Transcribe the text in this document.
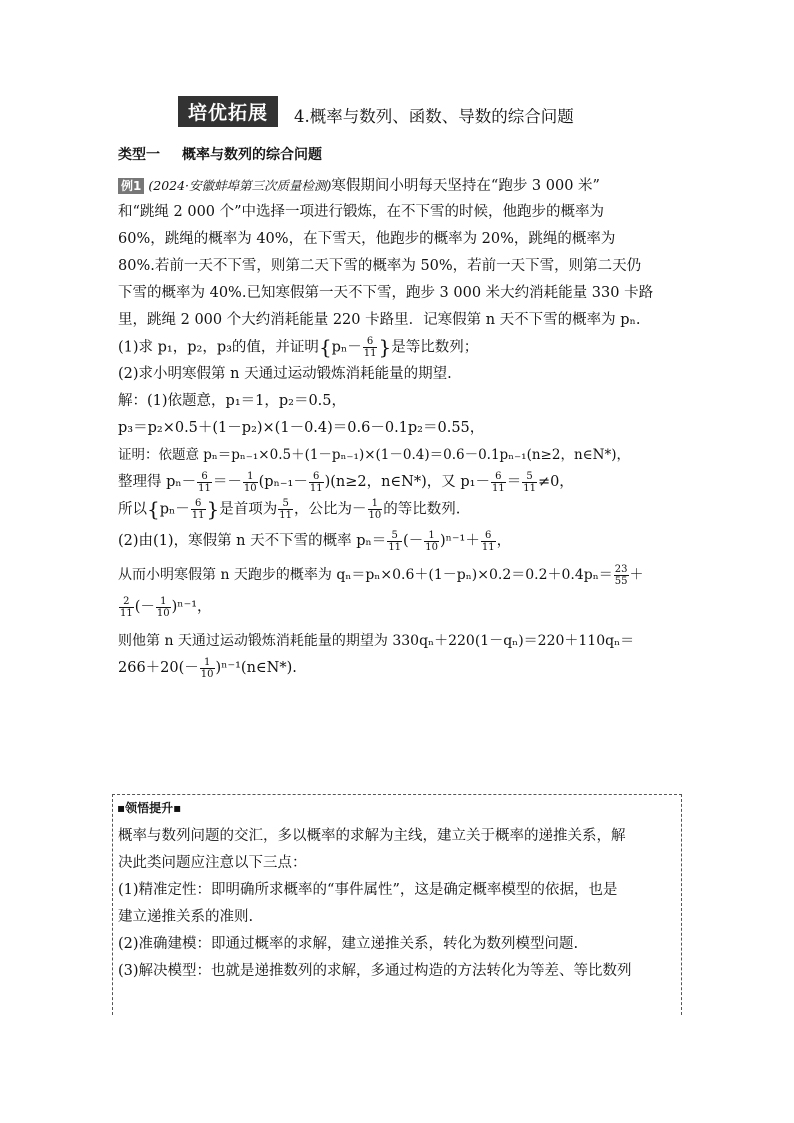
培优拓展	4.概率与数列、函数、导数的综合问题
类型一 概率与数列的综合问题
例1 (2024·安徽蚌埠第三次质量检测)寒假期间小明每天坚持在“跑步 3 000 米”
和“跳绳 2 000 个”中选择一项进行锻炼，在不下雪的时候，他跑步的概率为
60%，跳绳的概率为 40%，在下雪天，他跑步的概率为 20%，跳绳的概率为
80%.若前一天不下雪，则第二天下雪的概率为 50%，若前一天下雪，则第二天仍
下雪的概率为 40%.已知寒假第一天不下雪，跑步 3 000 米大约消耗能量 330 卡路
里，跳绳 2 000 个大约消耗能量 220 卡路里．记寒假第 n 天不下雪的概率为 pₙ.
(1)求 p₁，p₂，p₃的值，并证明{$p_n- \frac{6}{11}$ }是等比数列；
(2)求小明寒假第 n 天通过运动锻炼消耗能量的期望.
解：(1)依题意，p₁＝1，p₂＝0.5，
p₃＝p₂×0.5＋(1－p₂)×(1－0.4)＝0.6－0.1p₂＝0.55，
证明：依题意 pₙ＝pₙ₋₁×0.5＋(1－pₙ₋₁)×(1－0.4)＝0.6－0.1pₙ₋₁(n≥2，n∈N*)，
整理得 $p_n- \frac{6}{11} =- \frac{1}{10} (p_{n-1}- \frac{6}{11} )(n\ge 2$，n∈N*)，又 $p_1- \frac{6}{11} = \frac{5}{11} \ne 0$，
所以{$p_n- \frac{6}{11}$ }是首项为 $\frac{5}{11}$ ，公比为－ $\frac{1}{10}$ 的等比数列.
(2)由(1)，寒假第 n 天不下雪的概率 $p_n= \frac{5}{11}$ (－ $\frac{1}{10} )^{n-1}+ \frac{6}{11}$ ，
从而小明寒假第 n 天跑步的概率为 $q_n=p_n\times 0.6+(1-p_n)\times 0.2=0.2+0.4p_n= \frac{23}{55}$ ＋
$\frac{2}{11}$ (－ $\frac{1}{10} )^{n-1}$，
则他第 n 天通过运动锻炼消耗能量的期望为 330qₙ＋220(1－qₙ)＝220＋110qₙ＝
$266+20(- \frac{1}{10}$ )ⁿ⁻¹(n∈N*).
▪领悟提升▪
概率与数列问题的交汇，多以概率的求解为主线，建立关于概率的递推关系，解
决此类问题应注意以下三点：
(1)精准定性：即明确所求概率的“事件属性”，这是确定概率模型的依据，也是
建立递推关系的准则.
(2)准确建模：即通过概率的求解，建立递推关系，转化为数列模型问题.
(3)解决模型：也就是递推数列的求解，多通过构造的方法转化为等差、等比数列
